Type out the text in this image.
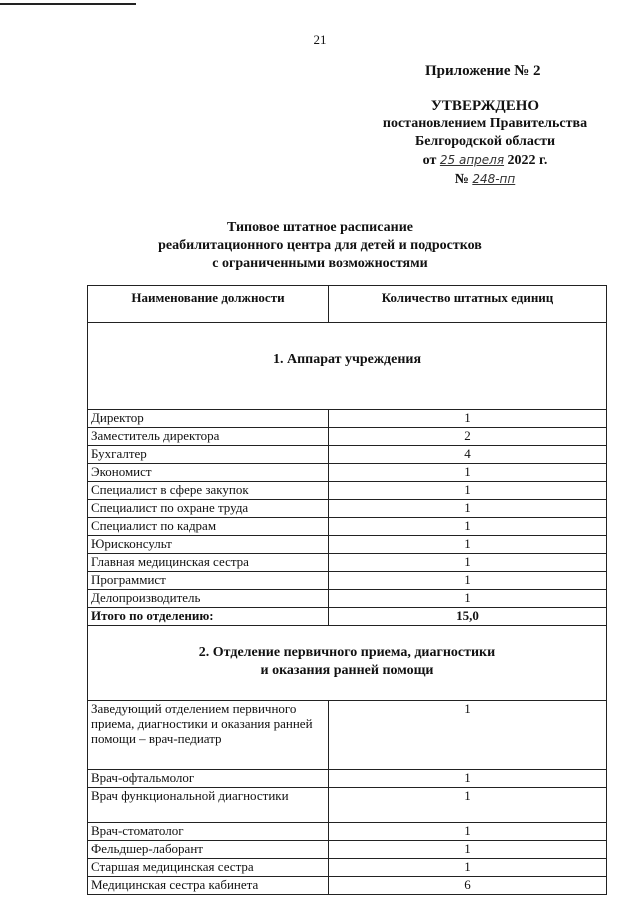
21
Приложение № 2
УТВЕРЖДЕНО
постановлением Правительства
Белгородской области
от 25 апреля 2022 г.
№ 248-пп
Типовое штатное расписание
реабилитационного центра для детей и подростков
с ограниченными возможностями
Наименование должности	Количество штатных единиц
1. Аппарат учреждения	
Директор	1
Заместитель директора	2
Бухгалтер	4
Экономист	1
Специалист в сфере закупок	1
Специалист по охране труда	1
Специалист по кадрам	1
Юрисконсульт	1
Главная медицинская сестра	1
Программист	1
Делопроизводитель	1
Итого по отделению:	15,0

2. Отделение первичного приема, диагностики
и оказания ранней помощи	

Заведующий отделением первичного приема, диагностики и оказания ранней помощи – врач-педиатр	1
Врач-офтальмолог	1
Врач функциональной диагностики	1
Врач-стоматолог	1
Фельдшер-лаборант	1
Старшая медицинская сестра	1
Медицинская сестра кабинета	6
